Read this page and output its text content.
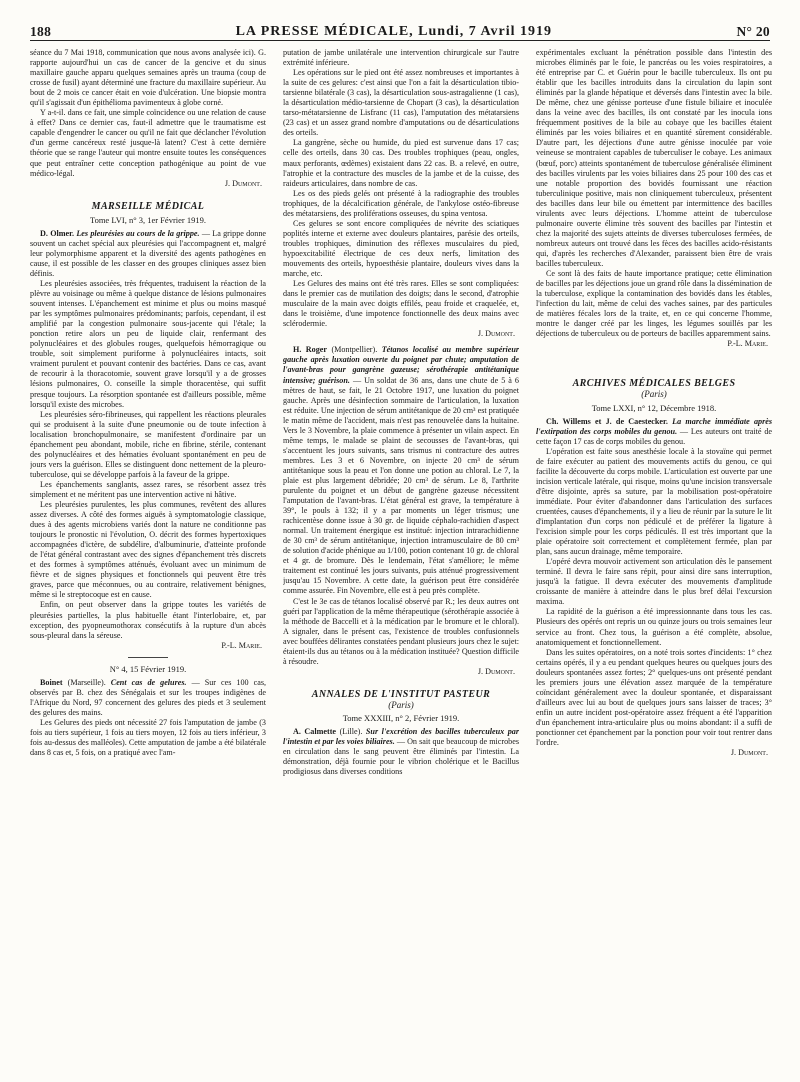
188	LA PRESSE MÉDICALE, Lundi, 7 Avril 1919	N° 20

séance du 7 Mai 1918, communication que nous avons analysée ici). G. rapporte aujourd'hui un cas de cancer de la gencive et du sinus maxillaire gauche apparu quelques semaines après un trauma (coup de crosse de fusil) ayant déterminé une fracture du maxillaire supérieur. Au bout de 2 mois ce cancer était en voie d'ulcération. Une biopsie montra qu'il s'agissait d'un épithélioma pavimenteux à globe corné.

Y a-t-il. dans ce fait, une simple coïncidence ou une relation de cause à effet? Dans ce dernier cas, faut-il admettre que le traumatisme est capable d'engendrer le cancer ou qu'il ne fait que déclancher l'évolution d'un germe cancéreux resté jusque-là latent? C'est à cette dernière théorie que se range l'auteur qui montre ensuite toutes les conséquences que peut entraîner cette conception pathogénique au point de vue médico-légal.

J. Dumont.
MARSEILLE MÉDICAL
Tome LVI, n° 3, 1er Février 1919.

D. Olmer. Les pleurésies au cours de la grippe. — La grippe donne souvent un cachet spécial aux pleurésies qui l'accompagnent et, malgré leur polymorphisme apparent et la diversité des agents pathogènes en cause, il est possible de les classer en des groupes cliniques assez bien définis.

Les pleurésies associées, très fréquentes, traduisent la réaction de la plèvre au voisinage ou même à quelque distance de lésions pulmonaires souvent intenses. L'épanchement est minime et plus ou moins masqué par les symptômes pulmonaires prédominants; parfois, cependant, il est amplifié par la congestion pulmonaire sous-jacente qui l'étale; la ponction retire alors un peu de liquide clair, renfermant des polynucléaires et des globules rouges, quelquefois hémorragique ou trouble, soit simplement puriforme à polynucléaires intacts, soit vraiment purulent et pouvant contenir des bactéries. Dans ce cas, avant de recourir à la thoracotomie, souvent grave lorsqu'il y a de grosses lésions pulmonaires, O. conseille la simple thoracentèse, qui suffit presque toujours. La résorption spontanée est d'ailleurs possible, même lorsqu'il existe des microbes.

Les pleurésies séro-fibrineuses, qui rappellent les réactions pleurales qui se produisent à la suite d'une pneumonie ou de toute infection à localisation bronchopulmonaire, se manifestent d'ordinaire par un épanchement peu abondant, mobile, riche en fibrine, stérile, contenant des polynucléaires et des hématies évoluant spontanément en peu de jours vers la guérison. Elles se distinguent donc nettement de la pleuro-tuberculose, qui se développe parfois à la faveur de la grippe.

Les épanchements sanglants, assez rares, se résorbent assez très simplement et ne méritent pas une intervention active ni hâtive.

Les pleurésies purulentes, les plus communes, revêtent des allures assez diverses. A côté des formes aiguës à symptomatologie classique, dues à des agents microbiens variés dont la nature ne conditionne pas toujours le pronostic ni l'évolution, O. décrit des formes hypertoxiques accompagnées d'ictère, de subdélire, d'albuminurie, d'atteinte profonde de l'état général contrastant avec des signes d'épanchement très discrets et des formes à symptômes atténués, évoluant avec un minimum de fièvre et de signes physiques et fonctionnels qui peuvent être très graves, parce que méconnues, ou au contraire, relativement bénignes, même si le streptocoque est en cause.

Enfin, on peut observer dans la grippe toutes les variétés de pleurésies partielles, la plus habituelle étant l'interlobaire, et, par exception, des pyopneumothorax consécutifs à la rupture d'un abcès sous-pleural dans la séreuse.

P.-L. Marie.
N° 4, 15 Février 1919.

Boinet (Marseille). Cent cas de gelures. — Sur ces 100 cas, observés par B. chez des Sénégalais et sur les troupes indigènes de l'Afrique du Nord, 97 concernent des gelures des pieds et 3 seulement des gelures des mains.

Les Gelures des pieds ont nécessité 27 fois l'amputation de jambe (3 fois au tiers supérieur, 1 fois au tiers moyen, 12 fois au tiers inférieur, 3 fois au-dessus des malléoles). Cette amputation de jambe a été bilatérale dans 8 cas et, 5 fois, on a pratiqué avec l'am-

putation de jambe unilatérale une intervention chirurgicale sur l'autre extrémité inférieure.

Les opérations sur le pied ont été assez nombreuses et importantes à la suite de ces gelures: c'est ainsi que l'on a fait la désarticulation tibio-tarsienne bilatérale (3 cas), la désarticulation sous-astragalienne (1 cas), la désarticulation médio-tarsienne de Chopart (3 cas), la désarticulation tarso-métatarsienne de Lisfranc (11 cas), l'amputation des métatarsiens (23 cas) et un assez grand nombre d'amputations ou de désarticulations des orteils.

La gangrène, sèche ou humide, du pied est survenue dans 17 cas; celle des orteils, dans 30 cas. Des troubles trophiques (peau, ongles, maux perforants, œdèmes) existaient dans 22 cas. B. a relevé, en outre, l'atrophie et la contracture des muscles de la jambe et de la cuisse, des raideurs articulaires, dans nombre de cas.

Les os des pieds gelés ont présenté à la radiographie des troubles trophiques, de la décalcification générale, de l'ankylose ostéo-fibreuse des métatarsiens, des proliférations osseuses, du spina ventosa.

Ces gelures se sont encore compliquées de névrite des sciatiques poplités interne et externe avec douleurs plantaires, parésie des orteils, troubles trophiques, diminution des réflexes musculaires du pied, hypoexcitabilité électrique de ces deux nerfs, limitation des mouvements des orteils, hypoesthésie plantaire, douleurs vives dans la marche, etc.

Les Gelures des mains ont été très rares. Elles se sont compliquées: dans le premier cas de mutilation des doigts; dans le second, d'atrophie musculaire de la main avec doigts effilés, peau froide et craquelée, et, dans le troisième, d'une impotence fonctionnelle des deux mains avec sclérodermie.

J. Dumont.

H. Roger (Montpellier). Tétanos localisé au membre supérieur gauche après luxation ouverte du poignet par chute; amputation de l'avant-bras pour gangrène gazeuse; sérothérapie antitétanique intensive; guérison. — Un soldat de 36 ans, dans une chute de 5 à 6 mètres de haut, se fait, le 21 Octobre 1917, une luxation du poignet gauche. Après une désinfection sommaire de l'articulation, la luxation est réduite. Une injection de sérum antitétanique de 20 cm³ est pratiquée le matin même de l'accident, mais n'est pas renouvelée dans la huitaine. Vers le 3 Novembre, la plaie commence à présenter un vilain aspect. En même temps, le malade se plaint de secousses de l'avant-bras, qui s'accentuent les jours suivants, sans trismus ni contracture des autres membres. Les 3 et 6 Novembre, on injecte 20 cm³ de sérum antitétanique sous la peau et l'on donne une potion au chloral. Le 7, la plaie est plus largement débridée; 20 cm³ de sérum. Le 8, l'arthrite purulente du poignet et un début de gangrène gazeuse nécessitent l'amputation de l'avant-bras. L'état général est grave, la température à 39°, le pouls à 132; il y a par moments un léger trismus; une rachicentèse donne issue à 30 gr. de liquide céphalo-rachidien d'aspect normal. Un traitement énergique est institué: injection intrarachidienne de 30 cm³ de sérum antitétanique, injection intramusculaire de 80 cm³ de solution d'acide phénique au 1/100, potion contenant 10 gr. de chloral et 4 gr. de bromure. Dès le lendemain, l'état s'améliore; le même traitement est continué les jours suivants, puis atténué progressivement jusqu'au 15 Novembre. A cette date, la guérison peut être considérée comme assurée. Fin Novembre, elle est à peu près complète.

C'est le 3e cas de tétanos localisé observé par R.; les deux autres ont guéri par l'application de la même thérapeutique (sérothérapie associée à la méthode de Baccelli et à la médication par le bromure et le chloral). A signaler, dans le présent cas, l'existence de troubles confusionnels avec bouffées délirantes constatées pendant plusieurs jours chez le sujet: étaient-ils dus au tétanos ou à la médication instituée? Question difficile à résoudre.

J. Dumont.
ANNALES DE L'INSTITUT PASTEUR
(Paris)
Tome XXXIII, n° 2, Février 1919.

A. Calmette (Lille). Sur l'excrétion des bacilles tuberculeux par l'intestin et par les voies biliaires. — On sait que beaucoup de microbes en circulation dans le sang peuvent être éliminés par l'intestin. La démonstration, déjà fournie pour le vibrion cholérique et le Bacillus prodigiosus dans diverses conditions

expérimentales excluant la pénétration possible dans l'intestin des microbes éliminés par le foie, le pancréas ou les voies respiratoires, a été entreprise par C. et Guérin pour le bacille tuberculeux. Ils ont pu établir que les bacilles introduits dans la circulation du lapin sont éliminés par la glande hépatique et déversés dans l'intestin avec la bile. De même, chez une génisse porteuse d'une fistule biliaire et inoculée dans la veine avec des bacilles, ils ont constaté par les inocula ions fréquemment positives de la bile au cobaye que les bacilles étaient éliminés par les voies biliaires et en quantité sûrement considérable. D'autre part, les déjections d'une autre génisse inoculée par voie veineuse se montraient capables de tuberculiser le cobaye. Les animaux (bœuf, porc) atteints spontanément de tuberculose généralisée éliminent des bacilles virulents par les voies biliaires dans 25 pour 100 des cas et une notable proportion des bovidés fournissant une réaction tuberculinique positive, mais non cliniquement tuberculeux, présentent des bacilles dans leur bile ou émettent par intermittence des bacilles virulents avec leurs déjections. L'homme atteint de tuberculose pulmonaire ouverte élimine très souvent des bacilles par l'intestin et chez la majorité des sujets atteints de diverses tuberculoses fermées, de nombreux auteurs ont trouvé dans les fèces des bacilles acido-résistants qui, d'après les recherches d'Alexander, paraissent bien être de vrais bacilles tuberculeux.

Ce sont là des faits de haute importance pratique; cette élimination de bacilles par les déjections joue un grand rôle dans la dissémination de la tuberculose, explique la contamination des bovidés dans les étables, l'infection du lait, même de celui des vaches saines, par des particules de matières fécales lors de la traite, et, en ce qui concerne l'homme, montre le danger créé par les linges, les légumes souillés par les déjections de tuberculeux ou de porteurs de bacilles apparemment sains.

P.-L. Marie.
ARCHIVES MÉDICALES BELGES
(Paris)
Tome LXXI, n° 12, Décembre 1918.

Ch. Willems et J. de Caestecker. La marche immédiate après l'extirpation des corps mobiles du genou. — Les auteurs ont traité de cette façon 17 cas de corps mobiles du genou.

L'opération est faite sous anesthésie locale à la stovaïne qui permet de faire exécuter au patient des mouvements actifs du genou, ce qui facilite la découverte du corps mobile. L'articulation est ouverte par une incision verticale latérale, qui risque, moins qu'une incision transversale d'être disjointe, après sa suture, par la mobilisation post-opératoire immédiate. Pour éviter d'abandonner dans l'articulation des surfaces cruentées, causes d'épanchements, il y a lieu de réunir par la suture le lit d'implantation d'un corps non pédiculé et de préférer la ligature à l'excision simple pour les corps pédiculés. Il est très important que la plaie opératoire soit correctement et complètement fermée, plan par plan, sans aucun drainage, même temporaire.

L'opéré devra mouvoir activement son articulation dès le pansement terminé. Il devra le faire sans répit, pour ainsi dire sans interruption, jusqu'à la fatigue. Il devra exécuter des mouvements d'amplitude croissante de manière à atteindre dans le plus bref délai l'excursion maxima.

La rapidité de la guérison a été impressionnante dans tous les cas. Plusieurs des opérés ont repris un ou quinze jours ou trois semaines leur service au front. Chez tous, la guérison a été complète, absolue, anatomiquement et fonctionnellement.

Dans les suites opératoires, on a noté trois sortes d'incidents: 1° chez certains opérés, il y a eu pendant quelques heures ou quelques jours des douleurs spontanées assez fortes; 2° quelques-uns ont présenté pendant les premiers jours une élévation assez marquée de la température coïncidant généralement avec la douleur spontanée, et disparaissant d'ailleurs avec lui au bout de quelques jours sans laisser de traces; 3° enfin un autre incident post-opératoire assez fréquent a été l'apparition d'un épanchement intra-articulaire plus ou moins abondant: il a suffi de ponctionner cet épanchement par la ponction pour voir tout rentrer dans l'ordre.

J. Dumont.
